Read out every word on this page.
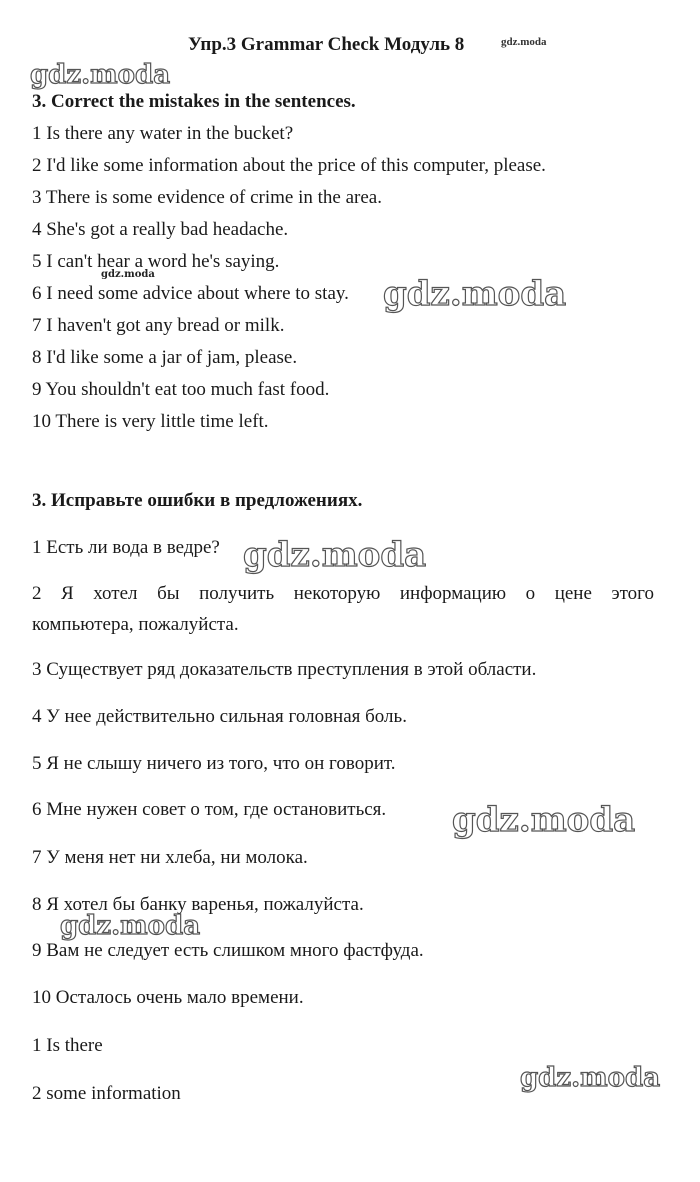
Упр.3 Grammar Check Модуль 8	gdz.moda
gdz.moda
3. Correct the mistakes in the sentences.
1 Is there any water in the bucket?
2 I'd like some information about the price of this computer, please.
3 There is some evidence of crime in the area.
4 She's got a really bad headache.
5 I can't hear a word he's saying.
gdz.moda
6 I need some advice about where to stay. gdz.moda
7 I haven't got any bread or milk.
8 I'd like some a jar of jam, please.
9 You shouldn't eat too much fast food.
10 There is very little time left.
3. Исправьте ошибки в предложениях.
1 Есть ли вода в ведре? gdz.moda
2 Я хотел бы получить некоторую информацию о цене этого
компьютера, пожалуйста.
3 Существует ряд доказательств преступления в этой области.
4 У нее действительно сильная головная боль.
5 Я не слышу ничего из того, что он говорит.
6 Мне нужен совет о том, где остановиться. gdz.moda
7 У меня нет ни хлеба, ни молока.
8 Я хотел бы банку варенья, пожалуйста.
gdz.moda
9 Вам не следует есть слишком много фастфуда.
10 Осталось очень мало времени.
1 Is there
gdz.moda
2 some information
